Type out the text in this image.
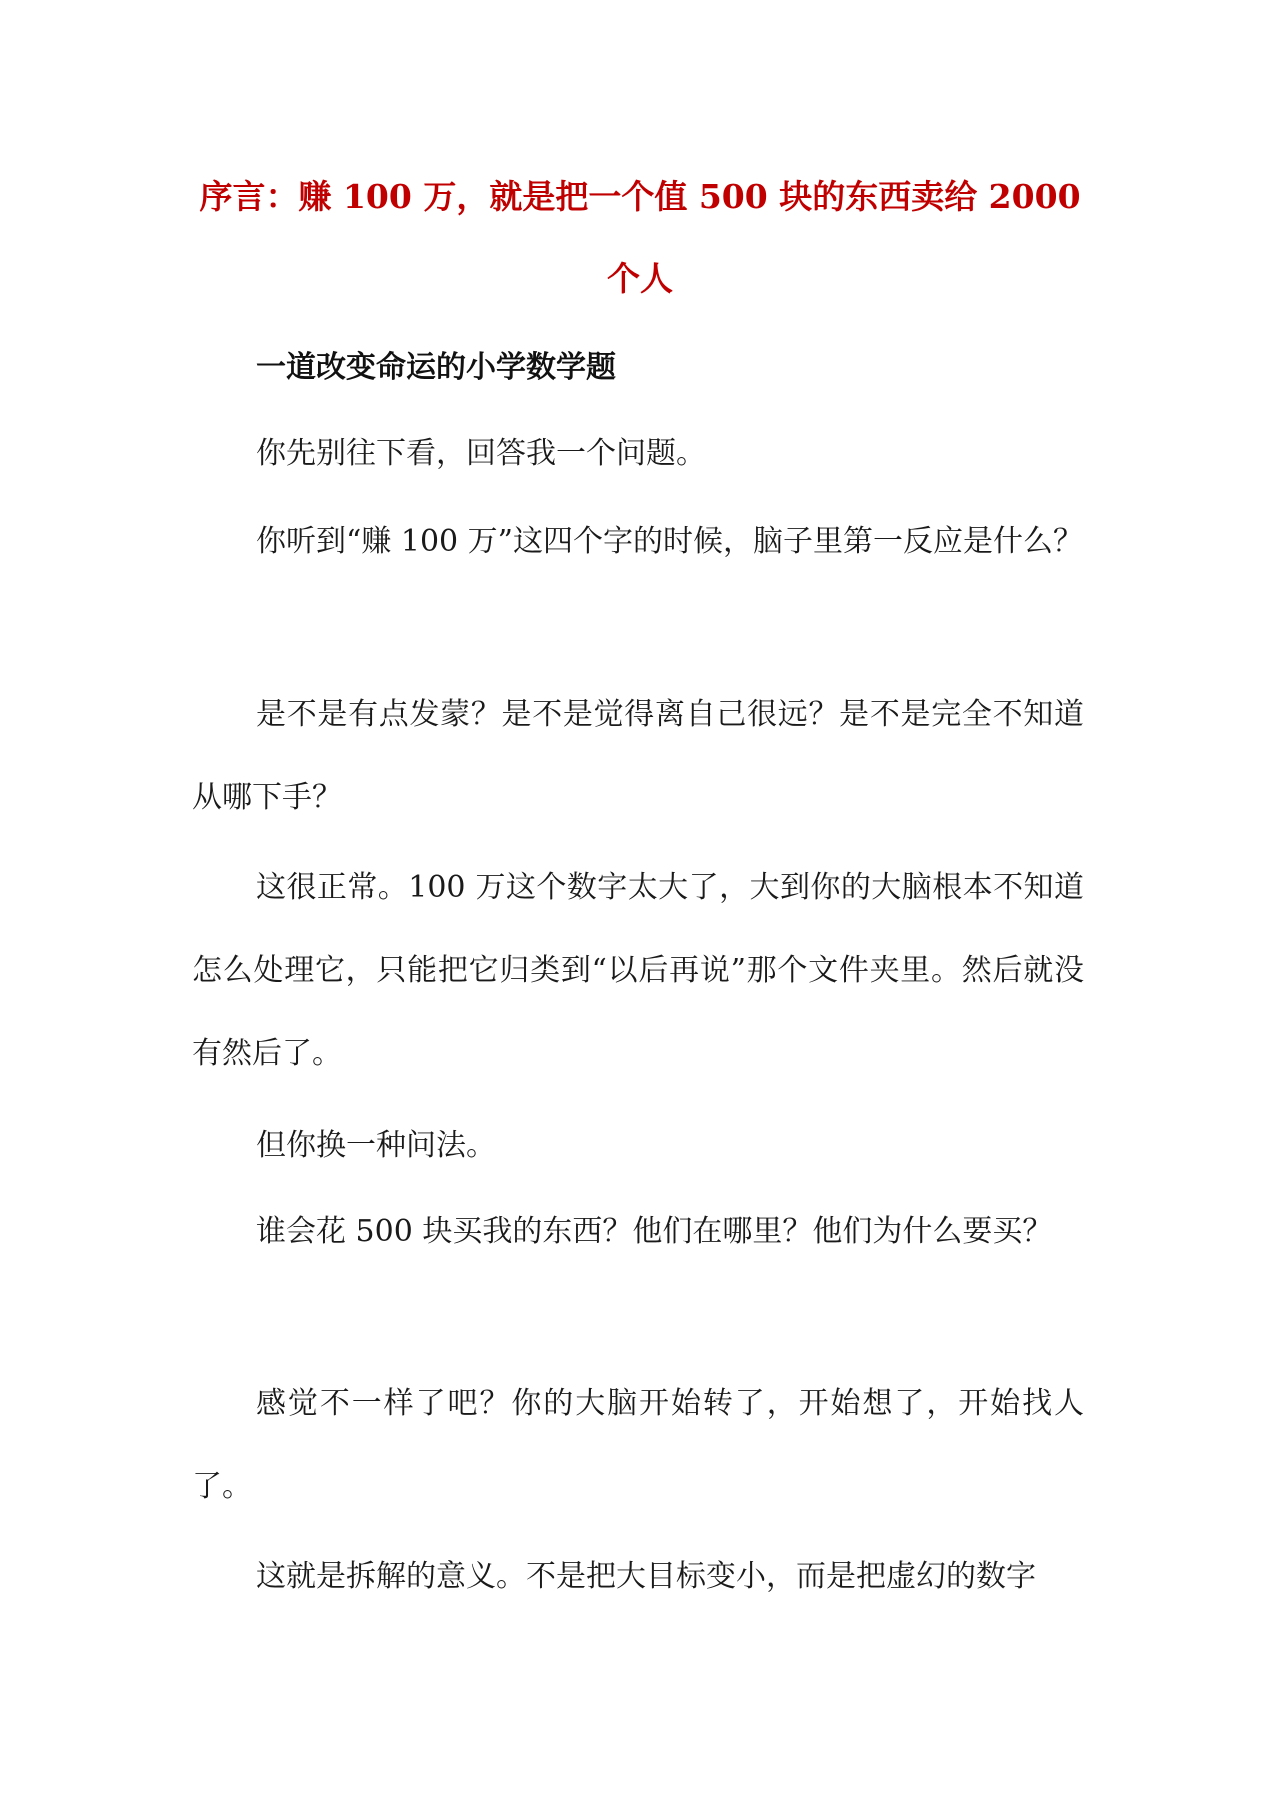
序言：赚 100 万，就是把一个值 500 块的东西卖给 2000 个人
一道改变命运的小学数学题
你先别往下看，回答我一个问题。
你听到“赚 100 万”这四个字的时候，脑子里第一反应是什么？
是不是有点发蒙？是不是觉得离自己很远？是不是完全不知道从哪下手？
这很正常。100 万这个数字太大了，大到你的大脑根本不知道怎么处理它，只能把它归类到“以后再说”那个文件夹里。然后就没有然后了。
但你换一种问法。
谁会花 500 块买我的东西？他们在哪里？他们为什么要买？
感觉不一样了吧？你的大脑开始转了，开始想了，开始找人了。
这就是拆解的意义。不是把大目标变小，而是把虚幻的数字
